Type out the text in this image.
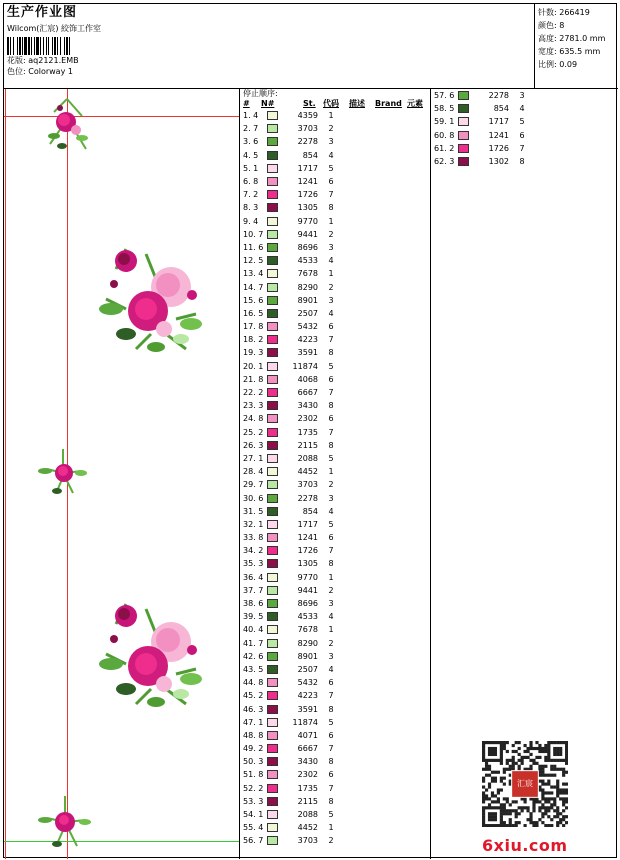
生产作业图
Wilcom(汇宸) 絞饰工作室
花版: aq2121.EMB
色位: Colorway 1
针数: 266419
颜色: 8
高度: 2781.0 mm
宽度: 635.5 mm
比例: 0.09
停止顺序:
#	N#	St. 代码	描述	Brand 元素
1. 4	4359	1
2. 7	3703	2
3. 6	2278	3
4. 5	854	4
5. 1	1717	5
6. 8	1241	6
7. 2	1726	7
8. 3	1305	8
9. 4	9770	1
10. 7	9441	2
11. 6	8696	3
12. 5	4533	4
13. 4	7678	1
14. 7	8290	2
15. 6	8901	3
16. 5	2507	4
17. 8	5432	6
18. 2	4223	7
19. 3	3591	8
20. 1	11874	5
21. 8	4068	6
22. 2	6667	7
23. 3	3430	8
24. 8	2302	6
25. 2	1735	7
26. 3	2115	8
27. 1	2088	5
28. 4	4452	1
29. 7	3703	2
30. 6	2278	3
31. 5	854	4
32. 1	1717	5
33. 8	1241	6
34. 2	1726	7
35. 3	1305	8
36. 4	9770	1
37. 7	9441	2
38. 6	8696	3
39. 5	4533	4
40. 4	7678	1
41. 7	8290	2
42. 6	8901	3
43. 5	2507	4
44. 8	5432	6
45. 2	4223	7
46. 3	3591	8
47. 1	11874	5
48. 8	4071	6
49. 2	6667	7
50. 3	3430	8
51. 8	2302	6
52. 2	1735	7
53. 3	2115	8
54. 1	2088	5
55. 4	4452	1
56. 7	3703	2
57. 6	2278	3
58. 5	854	4
59. 1	1717	5
60. 8	1241	6
61. 2	1726	7
62. 3	1302	8
汇宸
6xiu.com
